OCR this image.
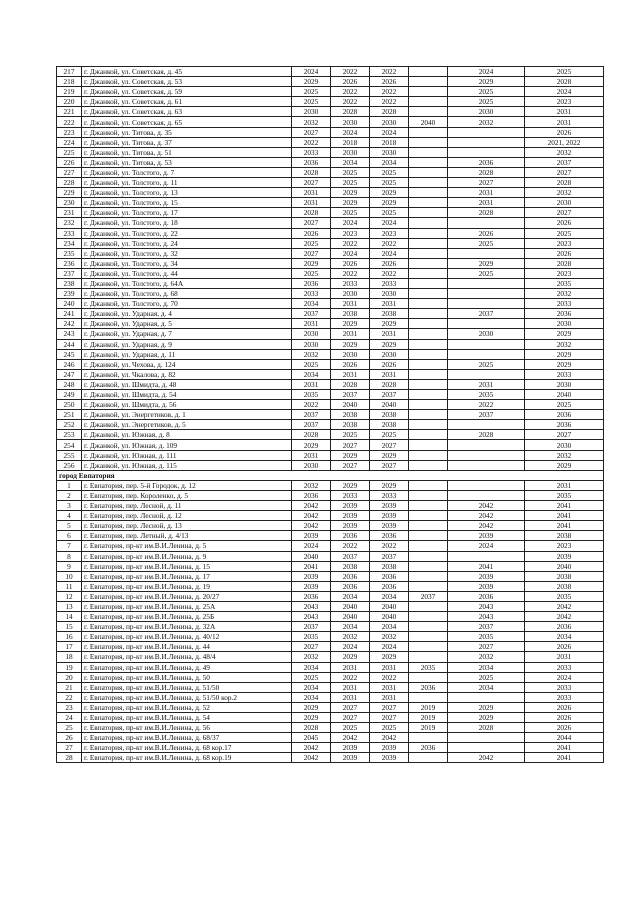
217	г. Джанкой, ул. Советская, д. 45	2024	2022	2022		2024	2025
218	г. Джанкой, ул. Советская, д. 53	2029	2026	2026		2029	2028
219	г. Джанкой, ул. Советская, д. 59	2025	2022	2022		2025	2024
220	г. Джанкой, ул. Советская, д. 61	2025	2022	2022		2025	2023
221	г. Джанкой, ул. Советская, д. 63	2030	2028	2028		2030	2031
222	г. Джанкой, ул. Советская, д. 65	2032	2030	2030	2040	2032	2031
223	г. Джанкой, ул. Титова, д. 35	2027	2024	2024			2026
224	г. Джанкой, ул. Титова, д. 37	2022	2018	2018			2021, 2022
225	г. Джанкой, ул. Титова, д. 51	2033	2030	2030			2032
226	г. Джанкой, ул. Титова, д. 53	2036	2034	2034		2036	2037
227	г. Джанкой, ул. Толстого, д. 7	2028	2025	2025		2028	2027
228	г. Джанкой, ул. Толстого, д. 11	2027	2025	2025		2027	2028
229	г. Джанкой, ул. Толстого, д. 13	2031	2029	2029		2031	2032
230	г. Джанкой, ул. Толстого, д. 15	2031	2029	2029		2031	2030
231	г. Джанкой, ул. Толстого, д. 17	2028	2025	2025		2028	2027
232	г. Джанкой, ул. Толстого, д. 18	2027	2024	2024			2026
233	г. Джанкой, ул. Толстого, д. 22	2026	2023	2023		2026	2025
234	г. Джанкой, ул. Толстого, д. 24	2025	2022	2022		2025	2023
235	г. Джанкой, ул. Толстого, д. 32	2027	2024	2024			2026
236	г. Джанкой, ул. Толстого, д. 34	2029	2026	2026		2029	2028
237	г. Джанкой, ул. Толстого, д. 44	2025	2022	2022		2025	2023
238	г. Джанкой, ул. Толстого, д. 64А	2036	2033	2033			2035
239	г. Джанкой, ул. Толстого, д. 68	2033	2030	2030			2032
240	г. Джанкой, ул. Толстого, д. 70	2034	2031	2031			2033
241	г. Джанкой, ул. Ударная, д. 4	2037	2038	2038		2037	2036
242	г. Джанкой, ул. Ударная, д. 5	2031	2029	2029			2030
243	г. Джанкой, ул. Ударная, д. 7	2030	2031	2031		2030	2029
244	г. Джанкой, ул. Ударная, д. 9	2030	2029	2029			2032
245	г. Джанкой, ул. Ударная, д. 11	2032	2030	2030			2029
246	г. Джанкой, ул. Чехова, д. 124	2025	2026	2026		2025	2029
247	г. Джанкой, ул. Чкалова, д. 82	2034	2031	2031			2033
248	г. Джанкой, ул. Шмидта, д. 48	2031	2028	2028		2031	2030
249	г. Джанкой, ул. Шмидта, д. 54	2035	2037	2037		2035	2040
250	г. Джанкой, ул. Шмидта, д. 56	2022	2040	2040		2022	2025
251	г. Джанкой, ул. Энергетиков, д. 1	2037	2038	2038		2037	2036
252	г. Джанкой, ул. Энергетиков, д. 5	2037	2038	2038			2036
253	г. Джанкой, ул. Южная, д. 8	2028	2025	2025		2028	2027
254	г. Джанкой, ул. Южная, д. 109	2029	2027	2027			2030
255	г. Джанкой, ул. Южная, д. 111	2031	2029	2029			2032
256	г. Джанкой, ул. Южная, д. 115	2030	2027	2027			2029
город Евпатория							
1	г. Евпатория, пер. 5-й Городок, д. 12	2032	2029	2029			2031
2	г. Евпатория, пер. Короленко, д. 5	2036	2033	2033			2035
3	г. Евпатория, пер. Лесной, д. 11	2042	2039	2039		2042	2041
4	г. Евпатория, пер. Лесной, д. 12	2042	2039	2039		2042	2041
5	г. Евпатория, пер. Лесной, д. 13	2042	2039	2039		2042	2041
6	г. Евпатория, пер. Летный, д. 4/13	2039	2036	2036		2039	2038
7	г. Евпатория, пр-кт им.В.И.Ленина, д. 5	2024	2022	2022		2024	2023
8	г. Евпатория, пр-кт им.В.И.Ленина, д. 9	2040	2037	2037			2039
9	г. Евпатория, пр-кт им.В.И.Ленина, д. 15	2041	2038	2038		2041	2040
10	г. Евпатория, пр-кт им.В.И.Ленина, д. 17	2039	2036	2036		2039	2038
11	г. Евпатория, пр-кт им.В.И.Ленина, д. 19	2039	2036	2036		2039	2038
12	г. Евпатория, пр-кт им.В.И.Ленина, д. 20/27	2036	2034	2034	2037	2036	2035
13	г. Евпатория, пр-кт им.В.И.Ленина, д. 25А	2043	2040	2040		2043	2042
14	г. Евпатория, пр-кт им.В.И.Ленина, д. 25Б	2043	2040	2040		2043	2042
15	г. Евпатория, пр-кт им.В.И.Ленина, д. 32А	2037	2034	2034		2037	2036
16	г. Евпатория, пр-кт им.В.И.Ленина, д. 40/12	2035	2032	2032		2035	2034
17	г. Евпатория, пр-кт им.В.И.Ленина, д. 44	2027	2024	2024		2027	2026
18	г. Евпатория, пр-кт им.В.И.Ленина, д. 48/4	2032	2029	2029		2032	2031
19	г. Евпатория, пр-кт им.В.И.Ленина, д. 49	2034	2031	2031	2035	2034	2033
20	г. Евпатория, пр-кт им.В.И.Ленина, д. 50	2025	2022	2022		2025	2024
21	г. Евпатория, пр-кт им.В.И.Ленина, д. 51/50	2034	2031	2031	2036	2034	2033
22	г. Евпатория, пр-кт им.В.И.Ленина, д. 51/50 кор.2	2034	2031	2031			2033
23	г. Евпатория, пр-кт им.В.И.Ленина, д. 52	2029	2027	2027	2019	2029	2026
24	г. Евпатория, пр-кт им.В.И.Ленина, д. 54	2029	2027	2027	2019	2029	2026
25	г. Евпатория, пр-кт им.В.И.Ленина, д. 56	2028	2025	2025	2019	2028	2026
26	г. Евпатория, пр-кт им.В.И.Ленина, д. 68/37	2045	2042	2042			2044
27	г. Евпатория, пр-кт им.В.И.Ленина, д. 68 кор.17	2042	2039	2039	2036		2041
28	г. Евпатория, пр-кт им.В.И.Ленина, д. 68 кор.19	2042	2039	2039		2042	2041
